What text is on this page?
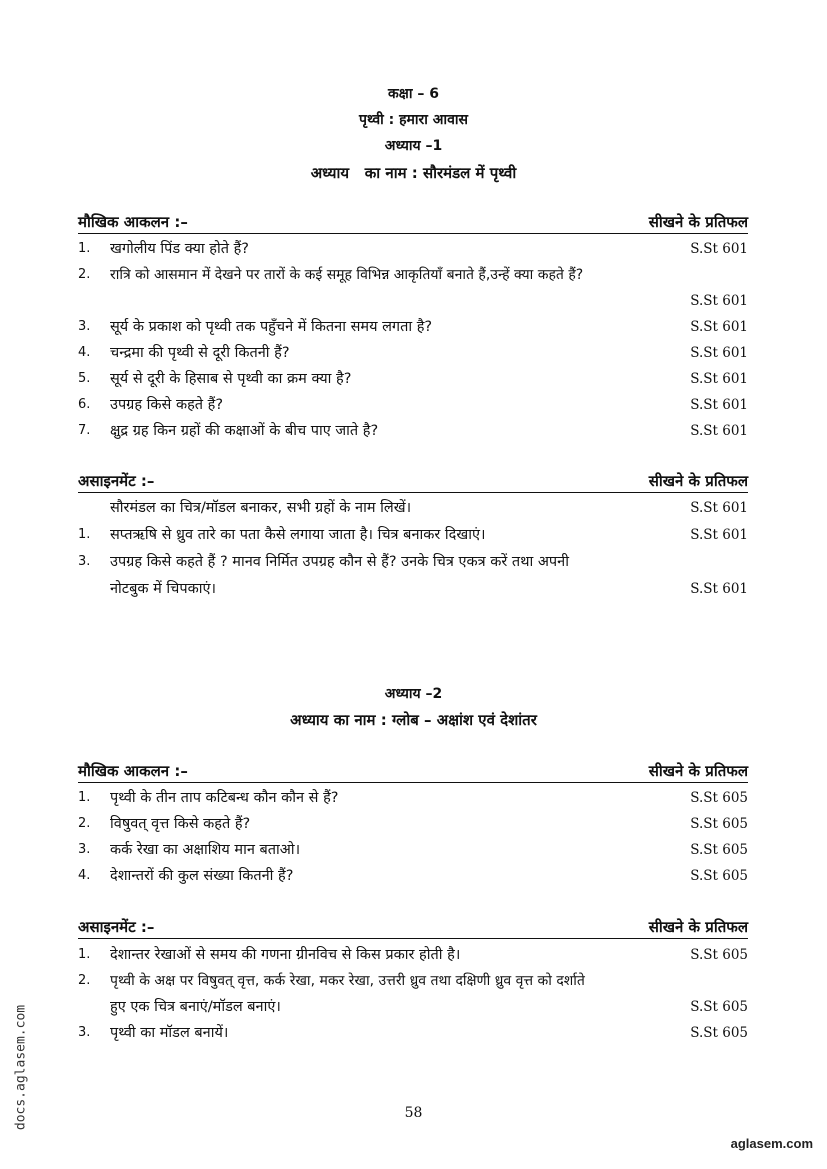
कक्षा – 6
पृथ्वी : हमारा आवास
अध्याय –1
अध्याय   का नाम : सौरमंडल में पृथ्वी
मौखिक आकलन :–	सीखने के प्रतिफल
1.	खगोलीय पिंड क्या होते हैं?	S.St 601
2.	रात्रि को आसमान में देखने पर तारों के कई समूह विभिन्न आकृतियाँ बनाते हैं,उन्हें क्या कहते हैं?
S.St 601
3.	सूर्य के प्रकाश को पृथ्वी तक पहुँचने में कितना समय लगता है?	S.St 601
4.	चन्द्रमा की पृथ्वी से दूरी कितनी हैं?	S.St 601
5.	सूर्य से दूरी के हिसाब से पृथ्वी का क्रम क्या है?	S.St 601
6.	उपग्रह किसे कहते हैं?	S.St 601
7.	क्षुद्र ग्रह किन ग्रहों की कक्षाओं के बीच पाए जाते है?	S.St 601
असाइनमेंट :–	सीखने के प्रतिफल
सौरमंडल का चित्र/मॉडल बनाकर, सभी ग्रहों के नाम लिखें।	S.St 601
1.	सप्तऋषि से ध्रुव तारे का पता कैसे लगाया जाता है। चित्र बनाकर दिखाएं।	S.St 601
3.	उपग्रह किसे कहते हैं ? मानव निर्मित उपग्रह कौन से हैं? उनके चित्र एकत्र करें तथा अपनी
नोटबुक में चिपकाएं।	S.St 601
अध्याय –2
अध्याय का नाम : ग्लोब – अक्षांश एवं देशांतर
मौखिक आकलन :–	सीखने के प्रतिफल
1.	पृथ्वी के तीन ताप कटिबन्ध कौन कौन से हैं?	S.St 605
2.	विषुवत् वृत्त किसे कहते हैं?	S.St 605
3.	कर्क रेखा का अक्षाशिय मान बताओ।	S.St 605
4.	देशान्तरों की कुल संख्या कितनी हैं?	S.St 605
असाइनमेंट :–	सीखने के प्रतिफल
1.	देशान्तर रेखाओं से समय की गणना ग्रीनविच से किस प्रकार होती है।	S.St 605
2.	पृथ्वी के अक्ष पर विषुवत् वृत्त, कर्क रेखा, मकर रेखा, उत्तरी ध्रुव तथा दक्षिणी ध्रुव वृत्त को दर्शाते
हुए एक चित्र बनाएं/मॉडल बनाएं।	S.St 605
3.	पृथ्वी का मॉडल बनायें।	S.St 605
58
docs.aglasem.com
aglasem.com
